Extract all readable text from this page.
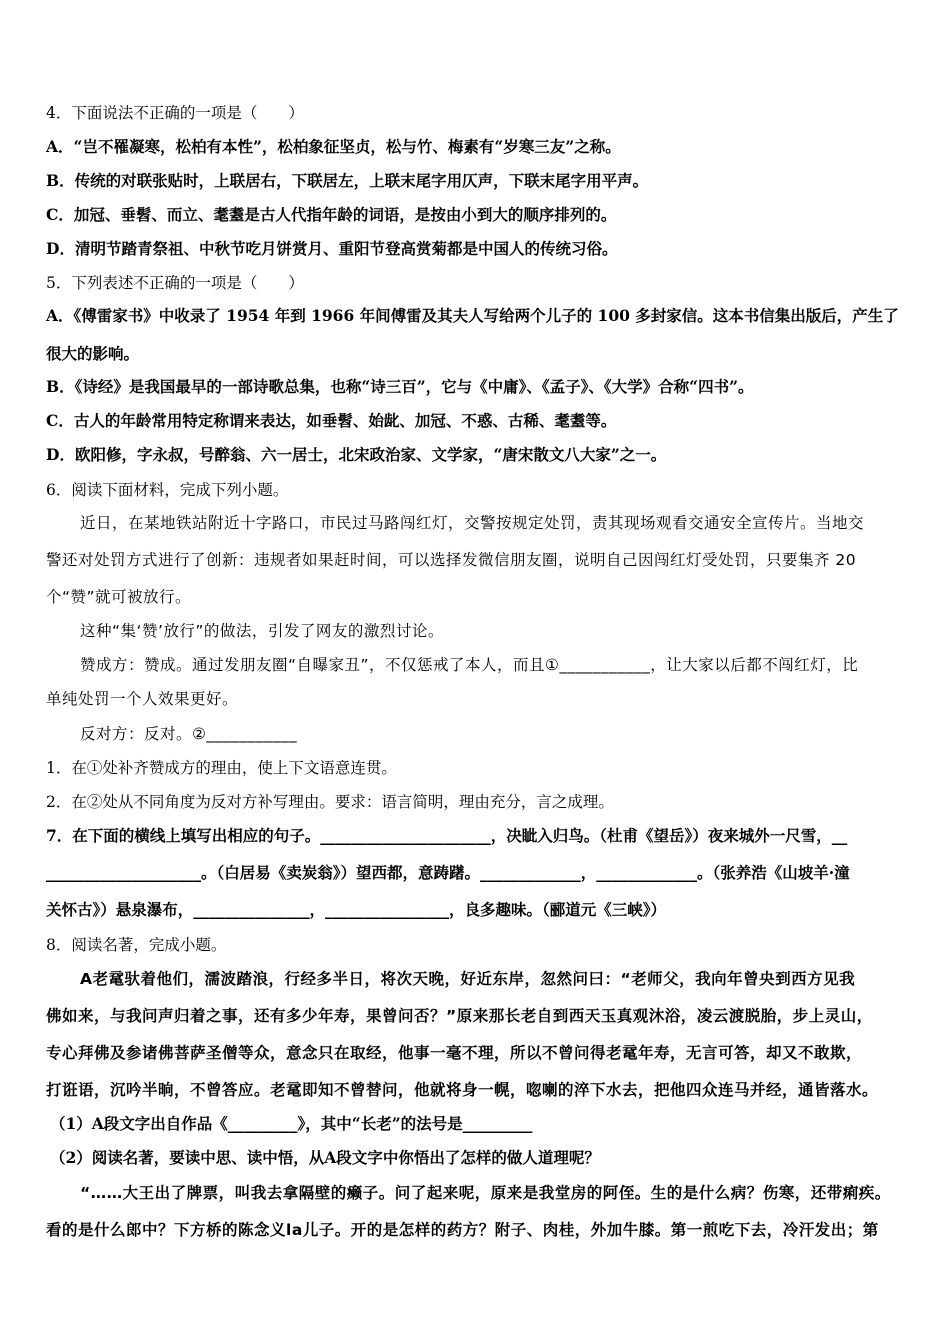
4．下面说法不正确的一项是（　　）
A．“岂不罹凝寒，松柏有本性”，松柏象征坚贞，松与竹、梅素有“岁寒三友”之称。
B．传统的对联张贴时，上联居右，下联居左，上联末尾字用仄声，下联末尾字用平声。
C．加冠、垂髫、而立、耄耋是古人代指年龄的词语，是按由小到大的顺序排列的。
D．清明节踏青祭祖、中秋节吃月饼赏月、重阳节登高赏菊都是中国人的传统习俗。
5．下列表述不正确的一项是（　　）
A．《傅雷家书》中收录了 1954 年到 1966 年间傅雷及其夫人写给两个儿子的 100 多封家信。这本书信集出版后，产生了
很大的影响。
B．《诗经》是我国最早的一部诗歌总集，也称“诗三百”，它与《中庸》、《孟子》、《大学》合称“四书”。
C．古人的年龄常用特定称谓来表达，如垂髫、始龀、加冠、不惑、古稀、耄耋等。
D．欧阳修，字永叔，号醉翁、六一居士，北宋政治家、文学家，“唐宋散文八大家”之一。
6．阅读下面材料，完成下列小题。
近日，在某地铁站附近十字路口，市民过马路闯红灯，交警按规定处罚，责其现场观看交通安全宣传片。当地交
警还对处罚方式进行了创新：违规者如果赶时间，可以选择发微信朋友圈，说明自己因闯红灯受处罚，只要集齐 20
个“赞”就可被放行。
这种“集‘赞’放行”的做法，引发了网友的激烈讨论。
赞成方：赞成。通过发朋友圈“自曝家丑”，不仅惩戒了本人，而且①___________，让大家以后都不闯红灯，比
单纯处罚一个人效果更好。
反对方：反对。②___________
1．在①处补齐赞成方的理由，使上下文语意连贯。
2．在②处从不同角度为反对方补写理由。要求：语言简明，理由充分，言之成理。
7．在下面的横线上填写出相应的句子。______________________，决眦入归鸟。（杜甫《望岳》）夜来城外一尺雪，__
____________________。（白居易《卖炭翁》）望西都，意踌躇。_____________，_____________。（张养浩《山坡羊·潼
关怀古》）悬泉瀑布，_______________，________________，良多趣味。（郦道元《三峡》）
8．阅读名著，完成小题。
A老鼋驮着他们，濡波踏浪，行经多半日，将次天晚，好近东岸，忽然问曰：“老师父，我向年曾央到西方见我
佛如来，与我问声归着之事，还有多少年寿，果曾问否？”原来那长老自到西天玉真观沐浴，凌云渡脱胎，步上灵山，
专心拜佛及参诸佛菩萨圣僧等众，意念只在取经，他事一毫不理，所以不曾问得老鼋年寿，无言可答，却又不敢欺，
打诳语，沉吟半晌，不曾答应。老鼋即知不曾替问，他就将身一幌，唿喇的淬下水去，把他四众连马并经，通皆落水。
（1）A段文字出自作品《_________》，其中“长老”的法号是_________
（2）阅读名著，要读中思、读中悟，从A段文字中你悟出了怎样的做人道理呢？
“……大王出了牌票，叫我去拿隔壁的癞子。问了起来呢，原来是我堂房的阿侄。生的是什么病？伤寒，还带痢疾。
看的是什么郎中？下方桥的陈念义la儿子。开的是怎样的药方？附子、肉桂，外加牛膝。第一煎吃下去，冷汗发出；第
